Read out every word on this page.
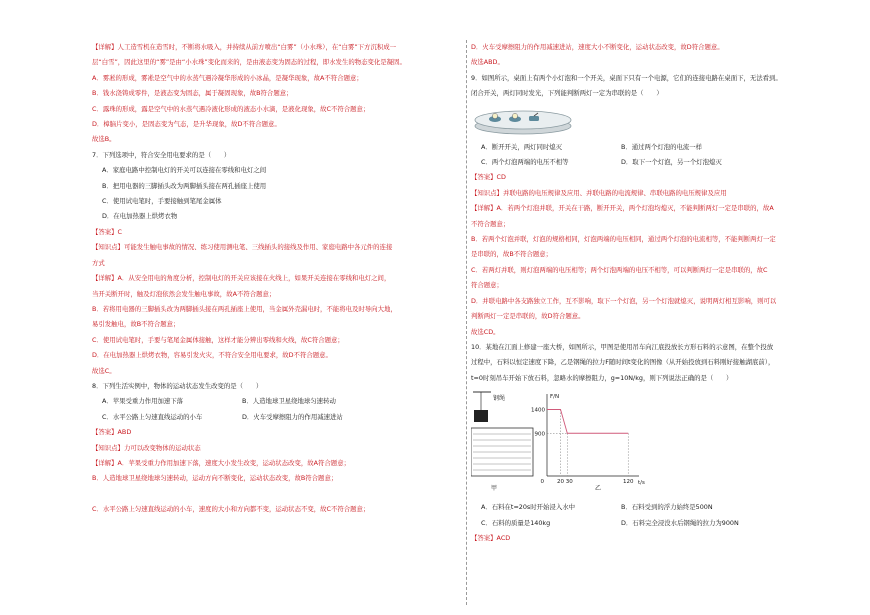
【详解】人工造雪机在造雪时，不断将水吸入，并持续从前方喷出“白雾”（小水珠），在“白雾”下方沉积成一
层“白雪”，因此这里的“雾”是由“小水珠”变化而来的，是由液态变为固态的过程，即水发生的物态变化是凝固。
A．雾凇的形成，雾凇是空气中的水蒸气遇冷凝华形成的小冰晶，是凝华现象，故A不符合题意；
B．钱水浇铸成零件，是液态变为固态，属于凝固现象，故B符合题意；
C．露珠的形成，露是空气中的水蒸气遇冷液化形成的液态小水滴，是液化现象，故C不符合题意；
D．樟脑片变小，是固态变为气态，是升华现象，故D不符合题意。
故选B。
7．下列选项中，符合安全用电要求的是（　　）
A．家庭电路中控制电灯的开关可以连接在零线和电灯之间
B．把用电器的三脚插头改为两脚插头接在两孔插座上使用
C．使用试电笔时，手要接触到笔尾金属体
D．在电加热器上烘烤衣物
【答案】C
【知识点】可能发生触电事故的情况、练习使用测电笔、三线插头的接线及作用、家庭电路中各元件的连接
方式
【详解】A．从安全用电的角度分析，控制电灯的开关应该接在火线上，如果开关连接在零线和电灯之间，
当开关断开时，触及灯泡依然会发生触电事故，故A不符合题意；
B．若将用电器的三脚插头改为两脚插头接在两孔插座上使用，当金属外壳漏电时，不能将电及时导向大地，
易引发触电，故B不符合题意；
C．使用试电笔时，手要与笔尾金属体接触，这样才能分辨出零线和火线，故C符合题意；
D．在电加热器上烘烤衣物，容易引发火灾，不符合安全用电要求，故D不符合题意。
故选C。
8．下列生活实例中，物体的运动状态发生改变的是（　　）
A．苹果受重力作用加速下落	B．人造地球卫星绕地球匀速转动
C．水平公路上匀速直线运动的小车	D．火车受摩擦阻力的作用减速进站
【答案】ABD
【知识点】力可以改变物体的运动状态
【详解】A．苹果受重力作用加速下落，速度大小发生改变，运动状态改变，故A符合题意；
B．人造地球卫星绕地球匀速转动，运动方向不断变化，运动状态改变，故B符合题意；

C．水平公路上匀速直线运动的小车，速度的大小和方向都不变，运动状态不变，故C不符合题意；
D．火车受摩擦阻力的作用减速进站，速度大小不断变化，运动状态改变，故D符合题意。
故选ABD。
9．如图所示，桌面上有两个小灯泡和一个开关，桌面下只有一个电源，它们的连接电路在桌面下，无法看到。
闭合开关，两灯同时发光，下列能判断两灯一定为串联的是（　　）
A．断开开关，两灯同时熄灭	B．通过两个灯泡的电流一样
C．两个灯泡两端的电压不相等	D．取下一个灯泡，另一个灯泡熄灭
【答案】CD
【知识点】并联电路的电压规律及应用、并联电路的电流规律、串联电路的电压规律及应用
【详解】A．若两个灯泡并联，开关在干路，断开开关，两个灯泡均熄灭，不能判断两灯一定是串联的，故A
不符合题意；
B．若两个灯泡并联，灯泡的规格相同，灯泡两端的电压相同，通过两个灯泡的电流相等，不能判断两灯一定
是串联的，故B不符合题意；
C．若两灯并联，则灯泡两端的电压相等；两个灯泡两端的电压不相等，可以判断两灯一定是串联的，故C
符合题意；
D．并联电路中各支路独立工作，互不影响，取下一个灯泡，另一个灯泡就熄灭，说明两灯相互影响，则可以
判断两灯一定是串联的，故D符合题意。
故选CD。
10．某地在江面上修建一座大桥，如图所示，甲图是使用吊车向江底投放长方形石料的示意图，在整个投放
过程中，石料以恒定速度下降，乙是钢绳的拉力F随时间t变化的图像（从开始投放到石料刚好接触湖底前），
t=0时刻吊车开始下放石料，忽略水的摩擦阻力，g=10N/kg，则下列说法正确的是（　　）
钢绳
甲
F/N
t/s
1400
900
0 20 30	120
乙
A．石料在t=20s时开始浸入水中	B．石料受到的浮力始终是500N
C．石料的质量是140kg	D．石料完全浸没水后钢绳的拉力为900N
【答案】ACD
